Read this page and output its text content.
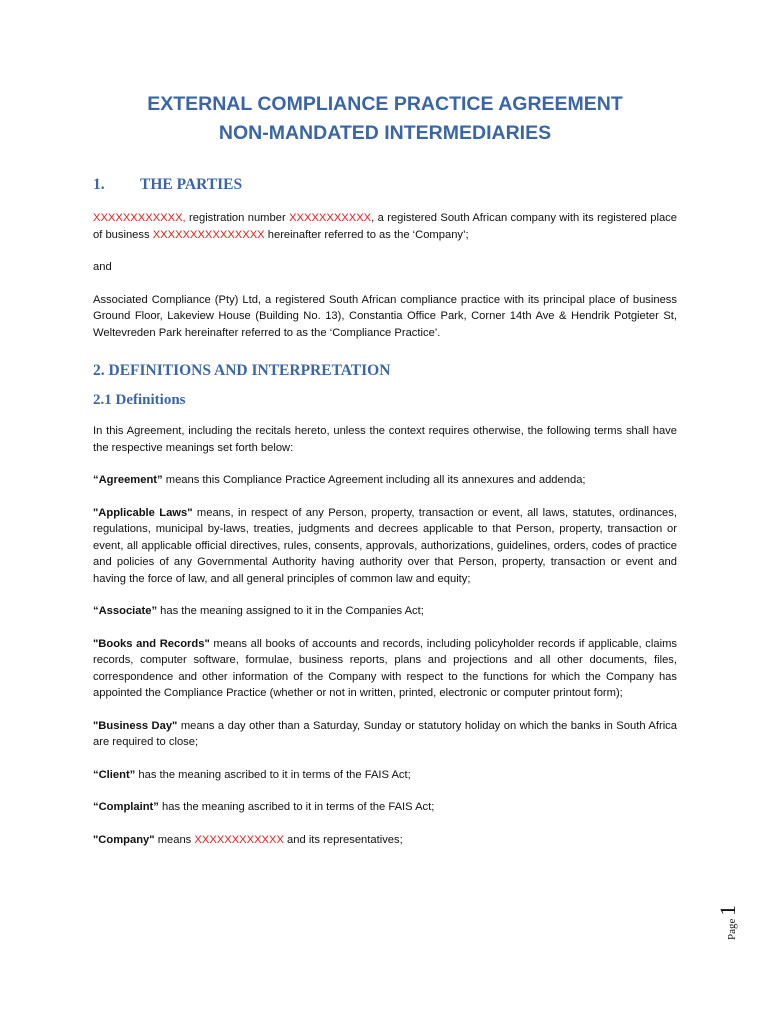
EXTERNAL COMPLIANCE PRACTICE AGREEMENT
NON-MANDATED INTERMEDIARIES
1. THE PARTIES

XXXXXXXXXXXX, registration number XXXXXXXXXXX, a registered South African company with its registered place of business XXXXXXXXXXXXXXX hereinafter referred to as the ‘Company’;

and

Associated Compliance (Pty) Ltd, a registered South African compliance practice with its principal place of business Ground Floor, Lakeview House (Building No. 13), Constantia Office Park, Corner 14th Ave & Hendrik Potgieter St, Weltevreden Park hereinafter referred to as the ‘Compliance Practice’.

2. DEFINITIONS AND INTERPRETATION
2.1 Definitions

In this Agreement, including the recitals hereto, unless the context requires otherwise, the following terms shall have the respective meanings set forth below:

“Agreement” means this Compliance Practice Agreement including all its annexures and addenda;

"Applicable Laws" means, in respect of any Person, property, transaction or event, all laws, statutes, ordinances, regulations, municipal by-laws, treaties, judgments and decrees applicable to that Person, property, transaction or event, all applicable official directives, rules, consents, approvals, authorizations, guidelines, orders, codes of practice and policies of any Governmental Authority having authority over that Person, property, transaction or event and having the force of law, and all general principles of common law and equity;

“Associate” has the meaning assigned to it in the Companies Act;

"Books and Records" means all books of accounts and records, including policyholder records if applicable, claims records, computer software, formulae, business reports, plans and projections and all other documents, files, correspondence and other information of the Company with respect to the functions for which the Company has appointed the Compliance Practice (whether or not in written, printed, electronic or computer printout form);

"Business Day" means a day other than a Saturday, Sunday or statutory holiday on which the banks in South Africa are required to close;

“Client” has the meaning ascribed to it in terms of the FAIS Act;

“Complaint” has the meaning ascribed to it in terms of the FAIS Act;

"Company" means XXXXXXXXXXXX and its representatives;

Page 1
